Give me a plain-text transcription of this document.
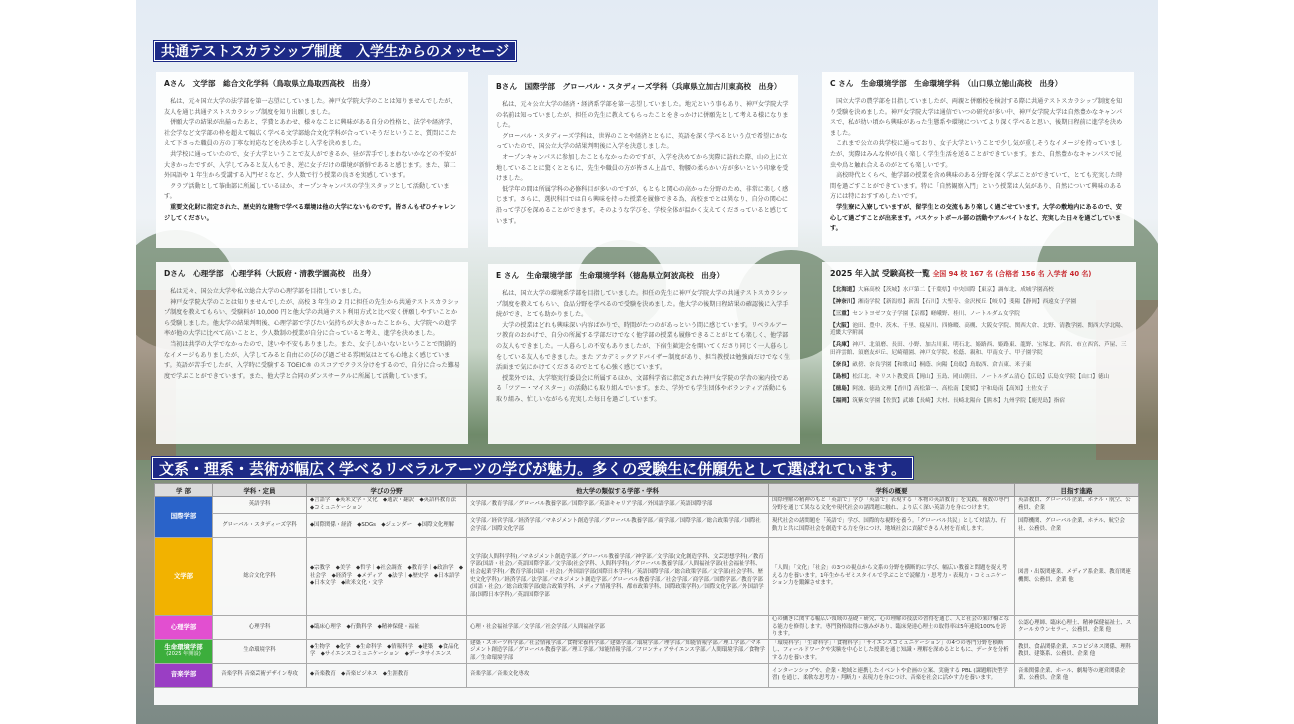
共通テストスカラシップ制度　入学生からのメッセージ
Aさん　文学部　総合文化学科（鳥取県立鳥取西高校　出身）

私は、元々国立大学の法学部を第一志望にしていました。神戸女学院大学のことは知りませんでしたが、友人を通じ共通テストスカラシップ制度を知り出願しました。

併願大学の結果が出揃ったあと、学費とあわせ、様々なことに興味がある自分の性格と、法学や経済学、社会学など文学部の枠を超えて幅広く学べる文学部総合文化学科が合っていそうだということ、質問にこたえて下さった職員の方の丁寧な対応などを決め手とし入学を決めました。

共学校に通っていたので、女子大学ということで友人ができるか、昼が苦手でしまわないかなどの不安が大きかったですが、入学してみると友人もでき、逆に女子だけの環境が新鮮であると感じます。また、第二外国語や 1 年生から受講する入門ゼミなど、少人数で行う授業の良さを実感しています。

クラブ活動として筝曲部に所属しているほか、オープンキャンパスの学生スタッフとして活動しています。

重要文化財に指定された、歴史的な建物で学べる環境は他の大学にないものです。皆さんもぜひチャレンジしてください。

Bさん　国際学部　グローバル・スタディーズ学科（兵庫県立加古川東高校　出身）

私は、元々公立大学の経済・経済系学部を第一志望していました。地元という事もあり、神戸女学院大学の名前は知っていましたが、担任の先生に教えてもらったことをきっかけに併願先として考える様になりました。

グローバル・スタディーズ学科は、世界のことや経済とともに、英語を深く学べるという点で希望にかなっていたので、国公立大学の結果判明後に入学を決意しました。

オープンキャンパスに参加したこともなかったのですが、入学を決めてから実際に訪れた際、山の上に立地していることに驚くとともに、先生や職員の方が皆さん上品で、物腰の柔らかい方が多いという印象を受けました。

低学年の間は所属学科の必修科目が多いのですが、もともと関心の高かった分野のため、非常に楽しく感じます。さらに、選択科目では自ら興味を持った授業を履修できる為、高校までとは異なり、自分の関心に沿って学びを深めることができます。そのような学びを、学校全体が温かく支えてくださっていると感じています。

C さん　生命環境学部　生命環境学科　（山口県立徳山高校　出身）

国立大学の農学部を目指していましたが、両親と併願校を検討する際に共通テストスカラシップ制度を知り受験を決めました。神戸女学院大学は通信でいつの研究が多い中、神戸女学院大学は自然豊かなキャンパスで、私が幼い頃から興味があった生態系や環境についてより深く学べると思い、後期日程前に進学を決めました。

これまで公立の共学校に通っており、女子大学ということで少し気が重しそうなイメージを持っていましたが、実際はみんな仲が良く楽しく学生生活を送ることができています。また、自然豊かなキャンパスで昆虫や鳥と触れ合えるのがとても楽しいです。

高校時代とくらべ、他学部の授業を含め興味のある分野を深く学ぶことができていて、とても充実した時間を過ごすことができています。特に「自然観察入門」という授業は人気があり、自然について興味のある方には特におすすめしたいです。

学生寮に入寮していますが、留学生との交流もあり楽しく過ごせています。大学の敷地内にあるので、安心して過ごすことが出来ます。バスケットボール部の活動やアルバイトなど、充実した日々を過ごしています。

Dさん　心理学部　心理学科（大阪府・清教学園高校　出身）

私は元々、国公立大学や私立総合大学の心理学部を目指していました。

神戸女学院大学のことは知りませんでしたが、高校 3 年生の 2 月に担任の先生から共通テストスカラシップ制度を教えてもらい、受験料が 10,000 円と他大学の共通テスト利用方式と比べ安く併願しやすいことから受験しました。他大学の結果判明後、心理学部で学びたい気持ちが大きかったことから、大学院への進学率が他の大学に比べて高いことと、少人数制の授業が自分に合っていると考え、進学を決めました。

当初は共学の大学でなかったので、迷いや不安もありました。また、女子しかいないということで閉鎖的なイメージもありましたが、入学してみると自由にのびのび過ごせる雰囲気はとても心地よく感じています。英語が苦手でしたが、入学時に受験する TOEIC® のスコアでクラス分けをするので、自分に合った難易度で学ぶことができています。また、他大学と合同のダンスサークルに所属して活動しています。

E さん　生命環境学部　生命環境学科（徳島県立阿波高校　出身）

私は、国立大学の環境系学部を目指していました。担任の先生に神戸女学院大学の共通テストスカラシップ制度を教えてもらい、食品分野を学べるので受験を決めました。他大学の後期日程結果の確認後に入学手続ができ、とても助かりました。

大学の授業はどれも興味深い内容ばかりで、時間がたつのがあっという間に感じています。リベラルアーツ教育のおかげで、自分の所属する学部だけでなく他学部の授業も履修できることがとても楽しく、他学部の友人もできました。一人暮らしの不安もありましたが、下宿生歓迎会を開いてくださり同じく一人暮らしをしている友人もできました。また アカデミックアドバイザー制度があり、担当教授は勉強面だけでなく生活面まで気にかけてくださるのでとても心強く感じています。

授業外では、大学築実行委員会に所属するほか、文部科学省に指定された神戸女学院の学舎の案内役である「ツアー・マイスター」の活動にも取り組んでいます。また、学外でも学生団体やボランティア活動にも取り組み、忙しいながらも充実した毎日を過ごしています。

2025 年入試 受験高校一覧 全国 94 校 167 名 (合格者 156 名 入学者 40 名)
【北海道】大麻高校【茨城】水戸第二【千葉県】中央国際【東京】調布北、成城学園高校
【神奈川】湘南学院【新潟県】新潟【石川】大聖寺、金沢桜丘【岐阜】斐陽【静岡】西遠女子学園
【三重】セントヨゼフ女子学園【京都】嵯峨野、桂川、ノートルダム女学院
【大阪】池田、豊中、茨木、千里、寝屋川、四條畷、高槻、大阪女学院、関西大倉、北野、清教学園、関西大学北陽、近畿大学附属
【兵庫】神戸、北須磨、長田、小野、加古川東、明石北、姫路西、姫路東、龍野、宝塚北、西宮、市立西宮、芦屋、三田祥雲館、須磨友が丘、尼崎稲園、神戸女学院、松蔭、親和、甲南女子、甲子園学院
【奈良】畝傍、奈良学園【和歌山】桐蔭、向陽【鳥取】鳥取西、倉吉東、米子東
【島根】松江北、キリスト教愛真【岡山】玉島、岡山朝日、ノートルダム清心【広島】広島女学院【山口】徳山
【徳島】阿波、徳島文理【香川】高松第一、高松南【愛媛】宇和島南【高知】土佐女子
【福岡】筑紫女学園【佐賀】武雄【長崎】大村、長崎北陽台【熊本】九州学院【鹿児島】指宿
文系・理系・芸術が幅広く学べるリベラルアーツの学びが魅力。多くの受験生に併願先として選ばれています。
学 部	学科・定員	学びの分野	他大学の類似する学部・学科	学科の概要	目指す進路
国際学部	英語学科	◆言語学　◆英米文学・文化　◆通訳・翻訳　◆英語科教育法　◆コミュニケーション	文学部／教育学部／グローバル教養学部／国際学部／英語キャリア学部／外国語学部／英語国際学部	国際理解の精神のもと「英語で」学び「英語で」表現する「本物の英語教育」を実践。複数の専門分野を通じて異なる文化や現代社会の諸問題に触れ、より広く深い英語力を身につけます。	英語教員、グローバル企業、ホテル・航空、公務員、企業
	グローバル・スタディーズ学科	◆国際関係・経済　◆SDGs　◆ジェンダー　◆国際文化理解	文学部／経営学部／経済学部／マネジメント創造学部／グローバル教養学部／商学部／国際学部／総合政策学部／国際社会学部／国際文化学部	現代社会の諸問題を「英語で」学び、国際的な視野を養う。「グローバル共民」として対話力、行動力と共に国際社会を創造する力を身につけ、地域社会に貢献できる人材を育成します。	国際機関、グローバル企業、ホテル、航空会社、公務員、企業
文学部	総合文化学科	◆宗教学　◆美学　◆哲学｜◆社会調査　◆教育学｜◆政治学　◆社会学　◆経済学　◆メディア　◆法学｜◆歴史学　◆日本語学　◆日本文学　◆欧米文化・文学	文学部(人間科学科)／マネジメント創造学部／グローバル教養学部／神学部／文学部(文化創造学科、文芸思想学科)／教育学部(国語・社会)／英語国際学部／文学部(社会学科、人間科学科)／グローバル教養学部／人間福祉学部(社会福祉学科、社会起業学科)／教育学部(国語・社会)／外国語学部(国際日本学科)／英語国際学部／総合政策学部／文学部(社会学科、歴史文化学科)／経済学部／法学部／マネジメント創造学部／グローバル教養学部／社会学部／商学部／国際学部／教育学部(国語・社会)／総合政策学部(総合政策学科、メディア情報学科、都市政策学科、国際政策学科)／国際文化学部／外国語学部(国際日本学科)／英語国際学部	「人間」「文化」「社会」の3つの視点から文系の分野を横断的に学び、幅広い教養と問題を捉え考える力を養います。1年生からゼミスタイルで学ぶことで読解力・思考力・表現力・コミュニケーション力を鍛錬させます。	図書・出版関連業、メディア系企業、教育関連機関、公務員、企業 他
心理学部	心理学科	◆臨床心理学　◆行動科学　◆精神保健・福祉	心理・社会福祉学部／文学部／社会学部／人間福祉学部	心の働きに関する幅広い領域の基礎・研究、心の理解の技法の習得を通じ、人と社会の架け橋となる能力を修得します。専門資格取得に強みがあり、臨床発達心理士の取得率は5年連続100%を誇ります。	公認心理師、臨床心理士、精神保健福祉士、スクールカウンセラー、公務員、企業 他
生命環境学部
(2025 年開設)	生命環境学科	◆生物学　◆化学　◆生命科学　◆情報科学　◆建築　◆食品化学　◆サイエンスコミュニケーション　◆データサイエンス	建築・スポーツ科学部／社会情報学部／食物栄養科学部／建築学部／環境学部／理学部／知能情報学部／理工学部／マネジメント創造学部／グローバル教養学部／理工学部／知能情報学部／フロンティアサイエンス学部／人間環境学部／食物学部／生命環境学部	「環境科学」「生命科学」「食物科学」「サイエンスコミュニケーション」の4つの専門分野を横断し、フィールドワークや実験を中心とした授業を通じ知識・理解を深めるとともに、データを分析する力を養います。	教員、食品関係企業、エコビジネス関係、理科教員、建築系、公務員、企業 他
音楽学部	音楽学科 音楽芸術デザイン専攻	◆音楽教育　◆音楽ビジネス　◆生涯教育	音楽学部／音楽文化専攻	インターンシップや、企業・地域と連携したイベントや企画の立案、実施する PBL (課題解決型学習) を通じ、柔軟な思考力・判断力・表現力を身につけ、音楽を社会に活かす力を養います。	音楽関係企業、ホール、劇場等の運営関係企業、公務員、企業 他
